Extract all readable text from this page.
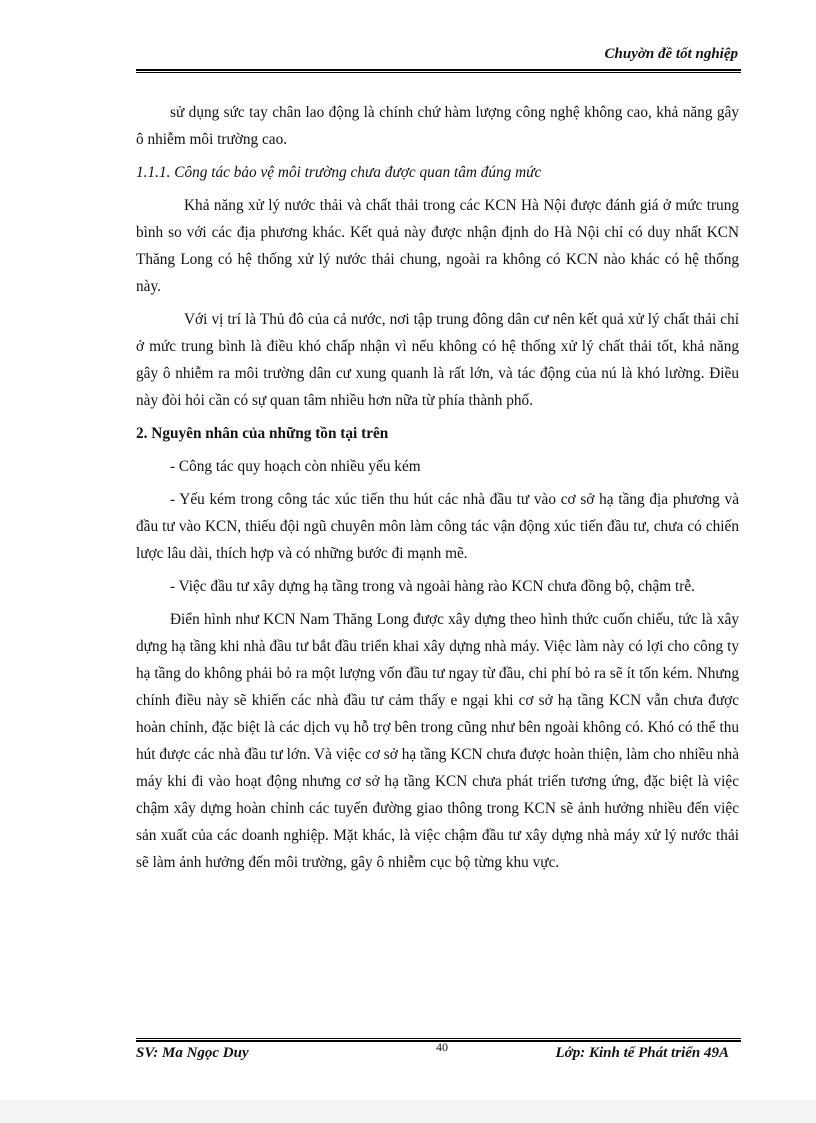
Chuyờn đề tốt nghiệp

sử dụng sức tay chân lao động là chính chứ hàm lượng công nghệ không cao, khả năng gây ô nhiễm môi trường cao.

1.1.1. Công tác bảo vệ môi trường chưa được quan tâm đúng mức

Khả năng xử lý nước thải và chất thải trong các KCN Hà Nội được đánh giá ở mức trung bình so với các địa phương khác. Kết quả này được nhận định do Hà Nội chỉ có duy nhất KCN Thăng Long có hệ thống xử lý nước thải chung, ngoài ra không có KCN nào khác có hệ thống này.

Với vị trí là Thủ đô của cả nước, nơi tập trung đông dân cư nên kết quả xử lý chất thải chỉ ở mức trung bình là điều khó chấp nhận vì nếu không có hệ thống xử lý chất thải tốt, khả năng gây ô nhiễm ra môi trường dân cư xung quanh là rất lớn, và tác động của nú là khó lường. Điều này đòi hỏi cần có sự quan tâm nhiều hơn nữa từ phía thành phố.

2. Nguyên nhân của những tồn tại trên

- Công tác quy hoạch còn nhiều yếu kém

- Yếu kém trong công tác xúc tiến thu hút các nhà đầu tư vào cơ sở hạ tầng địa phương và đầu tư vào KCN, thiếu đội ngũ chuyên môn làm công tác vận động xúc tiến đầu tư, chưa có chiến lược lâu dài, thích hợp và có những bước đi mạnh mẽ.

- Việc đầu tư xây dựng hạ tầng trong và ngoài hàng rào KCN chưa đồng bộ, chậm trễ.

Điển hình như KCN Nam Thăng Long được xây dựng theo hình thức cuốn chiếu, tức là xây dựng hạ tầng khi nhà đầu tư bắt đầu triển khai xây dựng nhà máy. Việc làm này có lợi cho công ty hạ tầng do không phải bỏ ra một lượng vốn đầu tư ngay từ đầu, chi phí bỏ ra sẽ ít tốn kém. Nhưng chính điều này sẽ khiến các nhà đầu tư cảm thấy e ngại khi cơ sở hạ tầng KCN vẫn chưa được hoàn chỉnh, đặc biệt là các dịch vụ hỗ trợ bên trong cũng như bên ngoài không có. Khó có thể thu hút được các nhà đầu tư lớn. Và việc cơ sở hạ tầng KCN chưa được hoàn thiện, làm cho nhiều nhà máy khi đi vào hoạt động nhưng cơ sở hạ tầng KCN chưa phát triển tương ứng, đặc biệt là việc chậm xây dựng hoàn chỉnh các tuyến đường giao thông trong KCN sẽ ảnh hưởng nhiều đến việc sản xuất của các doanh nghiệp. Mặt khác, là việc chậm đầu tư xây dựng nhà máy xử lý nước thải sẽ làm ảnh hưởng đến môi trường, gây ô nhiễm cục bộ từng khu vực.

SV: Ma Ngọc Duy	40	Lớp: Kinh tế Phát triển 49A
